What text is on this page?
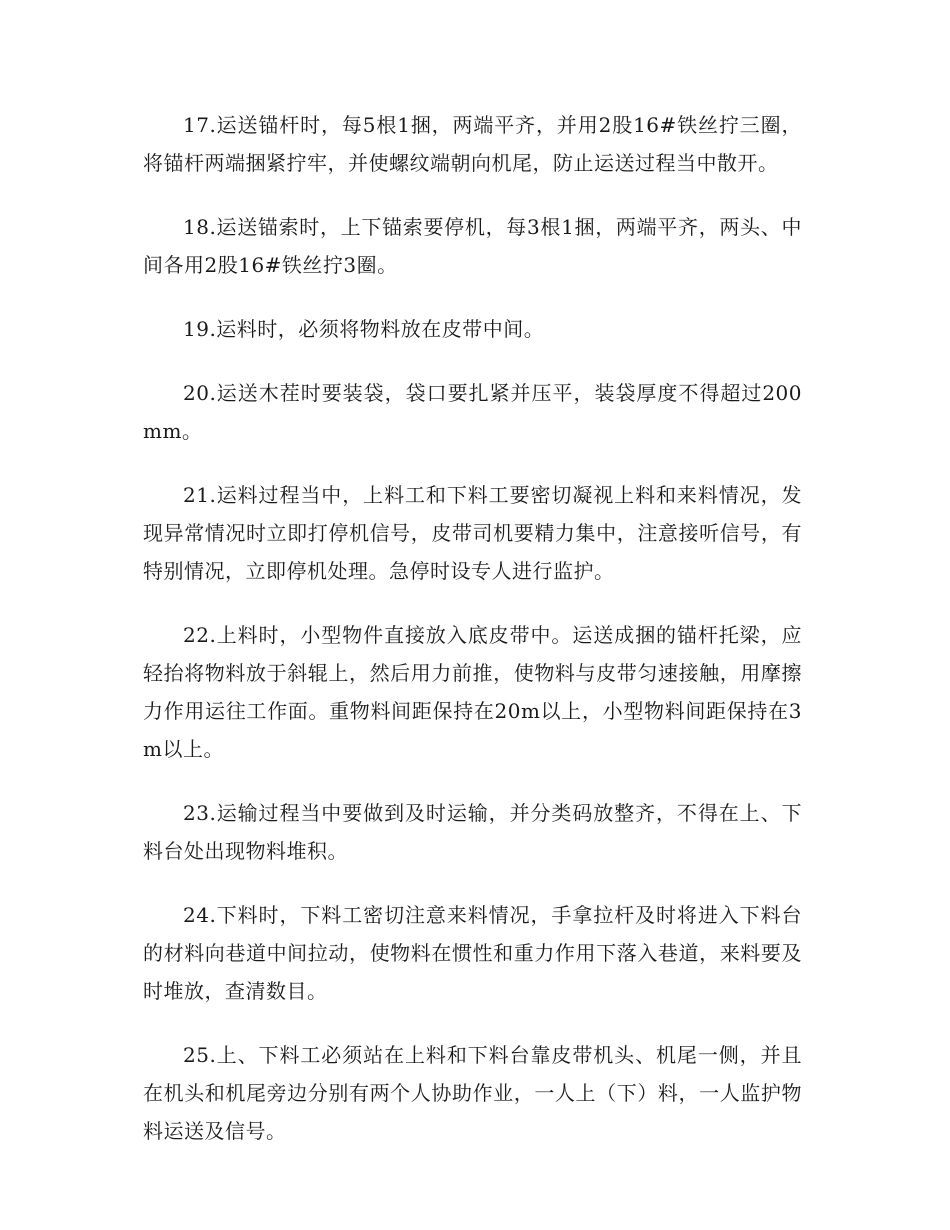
17.运送锚杆时，每5根1捆，两端平齐，并用2股16#铁丝拧三圈，将锚杆两端捆紧拧牢，并使螺纹端朝向机尾，防止运送过程当中散开。

18.运送锚索时，上下锚索要停机，每3根1捆，两端平齐，两头、中间各用2股16#铁丝拧3圈。

19.运料时，必须将物料放在皮带中间。

20.运送木茬时要装袋，袋口要扎紧并压平，装袋厚度不得超过200mm。

21.运料过程当中，上料工和下料工要密切凝视上料和来料情况，发现异常情况时立即打停机信号，皮带司机要精力集中，注意接听信号，有特别情况，立即停机处理。急停时设专人进行监护。

22.上料时，小型物件直接放入底皮带中。运送成捆的锚杆托梁，应轻抬将物料放于斜辊上，然后用力前推，使物料与皮带匀速接触，用摩擦力作用运往工作面。重物料间距保持在20m以上，小型物料间距保持在3m以上。

23.运输过程当中要做到及时运输，并分类码放整齐，不得在上、下料台处出现物料堆积。

24.下料时，下料工密切注意来料情况，手拿拉杆及时将进入下料台的材料向巷道中间拉动，使物料在惯性和重力作用下落入巷道，来料要及时堆放，查清数目。

25.上、下料工必须站在上料和下料台靠皮带机头、机尾一侧，并且在机头和机尾旁边分别有两个人协助作业，一人上（下）料，一人监护物料运送及信号。
